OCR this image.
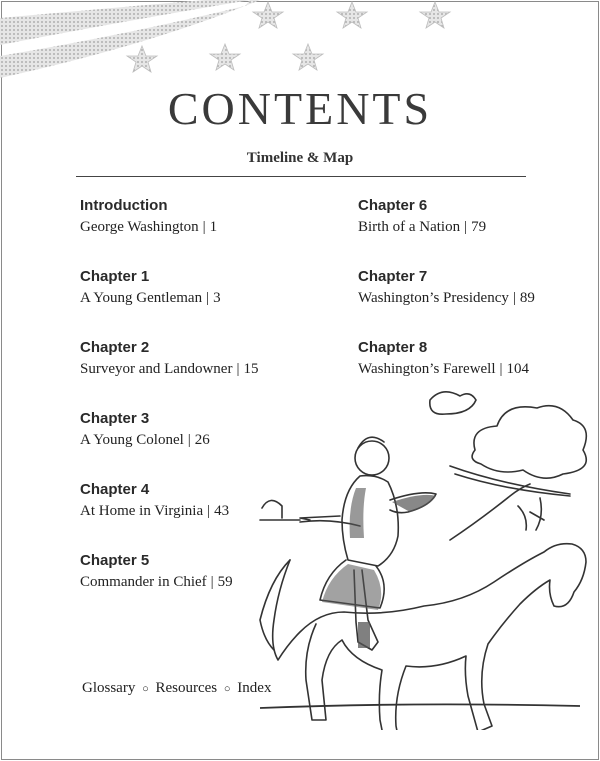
CONTENTS
Timeline & Map
Introduction
George Washington | 1
Chapter 1
A Young Gentleman | 3
Chapter 2
Surveyor and Landowner | 15
Chapter 3
A Young Colonel | 26
Chapter 4
At Home in Virginia | 43
Chapter 5
Commander in Chief | 59
Chapter 6
Birth of a Nation | 79
Chapter 7
Washington’s Presidency | 89
Chapter 8
Washington’s Farewell | 104
Glossary ○ Resources ○ Index
